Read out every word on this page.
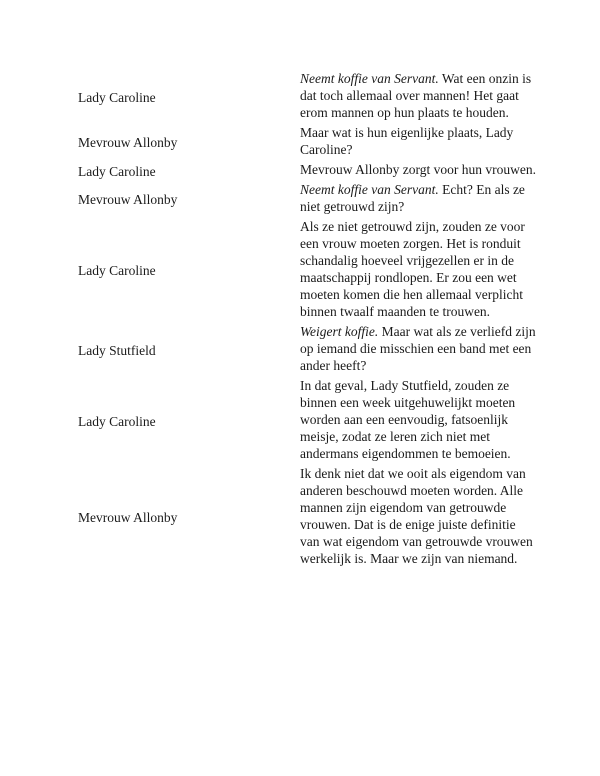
Lady Caroline	Neemt koffie van Servant. Wat een onzin is dat toch allemaal over mannen! Het gaat erom mannen op hun plaats te houden.
Mevrouw Allonby	Maar wat is hun eigenlijke plaats, Lady Caroline?
Lady Caroline	Mevrouw Allonby zorgt voor hun vrouwen.
Mevrouw Allonby	Neemt koffie van Servant. Echt? En als ze niet getrouwd zijn?
Lady Caroline	Als ze niet getrouwd zijn, zouden ze voor een vrouw moeten zorgen. Het is ronduit schandalig hoeveel vrijgezellen er in de maatschappij rondlopen. Er zou een wet moeten komen die hen allemaal verplicht binnen twaalf maanden te trouwen.
Lady Stutfield	Weigert koffie. Maar wat als ze verliefd zijn op iemand die misschien een band met een ander heeft?
Lady Caroline	In dat geval, Lady Stutfield, zouden ze binnen een week uitgehuwelijkt moeten worden aan een eenvoudig, fatsoenlijk meisje, zodat ze leren zich niet met andermans eigendommen te bemoeien.
Mevrouw Allonby	Ik denk niet dat we ooit als eigendom van anderen beschouwd moeten worden. Alle mannen zijn eigendom van getrouwde vrouwen. Dat is de enige juiste definitie van wat eigendom van getrouwde vrouwen werkelijk is. Maar we zijn van niemand.
